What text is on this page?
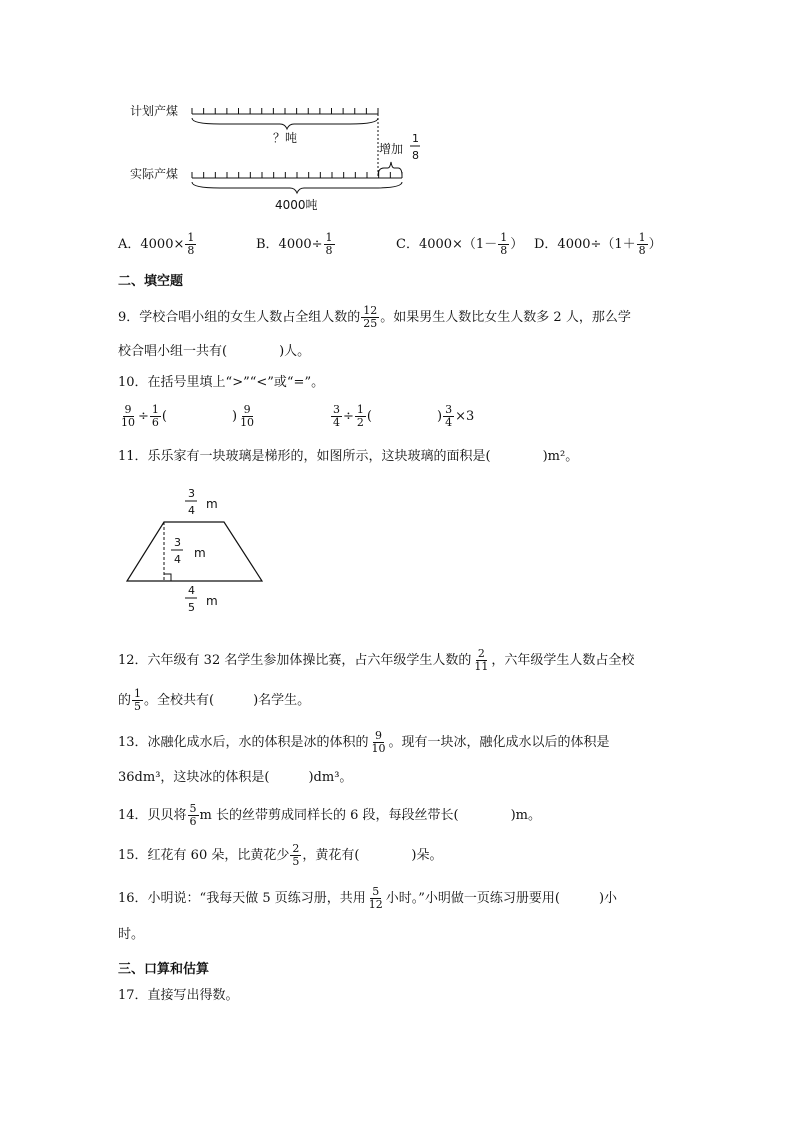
计划产煤
？吨
增加
1
8
实际产煤
4000吨
A．$4000\times \frac{1}{8}$	B．$4000\div \frac{1}{8}$	C．$4000\times(1- \frac{1}{8}$ ） D．$4000\div(1+ \frac{1}{8}$ ）
二、填空题
9．学校合唱小组的女生人数占全组人数的 $\frac{12}{25}$ 。如果男生人数比女生人数多 2 人，那么学
校合唱小组一共有(　　　　)人。
10．在括号里填上“>”“<”或“=”。
$\frac{9}{10} \div \frac{1}{6}$ (　　　　　) $\frac{9}{10}$	$\frac{3}{4} \div \frac{1}{2}$ (　　　　　) $\frac{3}{4} \times 3$
11．乐乐家有一块玻璃是梯形的，如图所示，这块玻璃的面积是(　　　　)m²。
3
4 m
3
4 m
4
5 m
12．六年级有 32 名学生参加体操比赛，占六年级学生人数的 $\frac{2}{11}$ ，六年级学生人数占全校
的 $\frac{1}{5}$ 。全校共有(　　　)名学生。
13．冰融化成水后，水的体积是冰的体积的 $\frac{9}{10}$ 。现有一块冰，融化成水以后的体积是
36dm³，这块冰的体积是(　　　)dm³。
14．贝贝将 $\frac{5}{6}$ m 长的丝带剪成同样长的 6 段，每段丝带长(　　　　)m。
15．红花有 60 朵，比黄花少 $\frac{2}{5}$ ，黄花有(　　　　)朵。
16．小明说：“我每天做 5 页练习册，共用 $\frac{5}{12}$ 小时。”小明做一页练习册要用(　　　)小
时。
三、口算和估算
17．直接写出得数。
